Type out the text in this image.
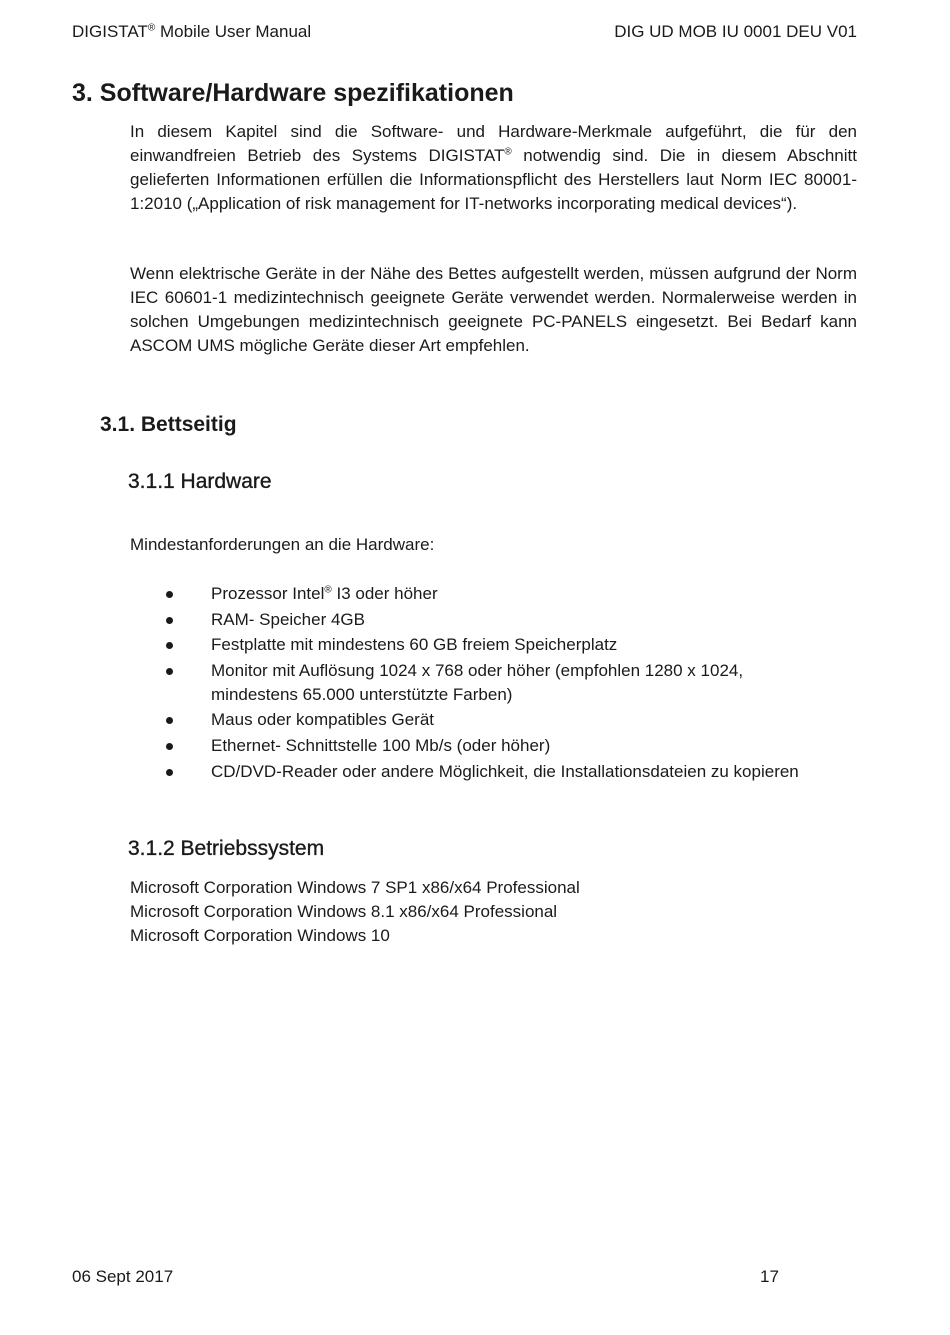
DIGISTAT® Mobile User Manual	DIG UD MOB IU 0001 DEU V01
3. Software/Hardware spezifikationen

In diesem Kapitel sind die Software- und Hardware-Merkmale aufgeführt, die für den einwandfreien Betrieb des Systems DIGISTAT® notwendig sind. Die in diesem Abschnitt gelieferten Informationen erfüllen die Informationspflicht des Herstellers laut Norm IEC 80001-1:2010 („Application of risk management for IT-networks incorporating medical devices“).

Wenn elektrische Geräte in der Nähe des Bettes aufgestellt werden, müssen aufgrund der Norm IEC 60601-1 medizintechnisch geeignete Geräte verwendet werden. Normalerweise werden in solchen Umgebungen medizintechnisch geeignete PC-PANELS eingesetzt. Bei Bedarf kann ASCOM UMS mögliche Geräte dieser Art empfehlen.

3.1. Bettseitig
3.1.1 Hardware
Mindestanforderungen an die Hardware:
Prozessor Intel® I3 oder höher
RAM- Speicher 4GB
Festplatte mit mindestens 60 GB freiem Speicherplatz
Monitor mit Auflösung 1024 x 768 oder höher (empfohlen 1280 x 1024, mindestens 65.000 unterstützte Farben)
Maus oder kompatibles Gerät
Ethernet- Schnittstelle 100 Mb/s (oder höher)
CD/DVD-Reader oder andere Möglichkeit, die Installationsdateien zu kopieren
3.1.2 Betriebssystem
Microsoft Corporation Windows 7 SP1 x86/x64 Professional
Microsoft Corporation Windows 8.1 x86/x64 Professional
Microsoft Corporation Windows 10
06 Sept 2017	17
